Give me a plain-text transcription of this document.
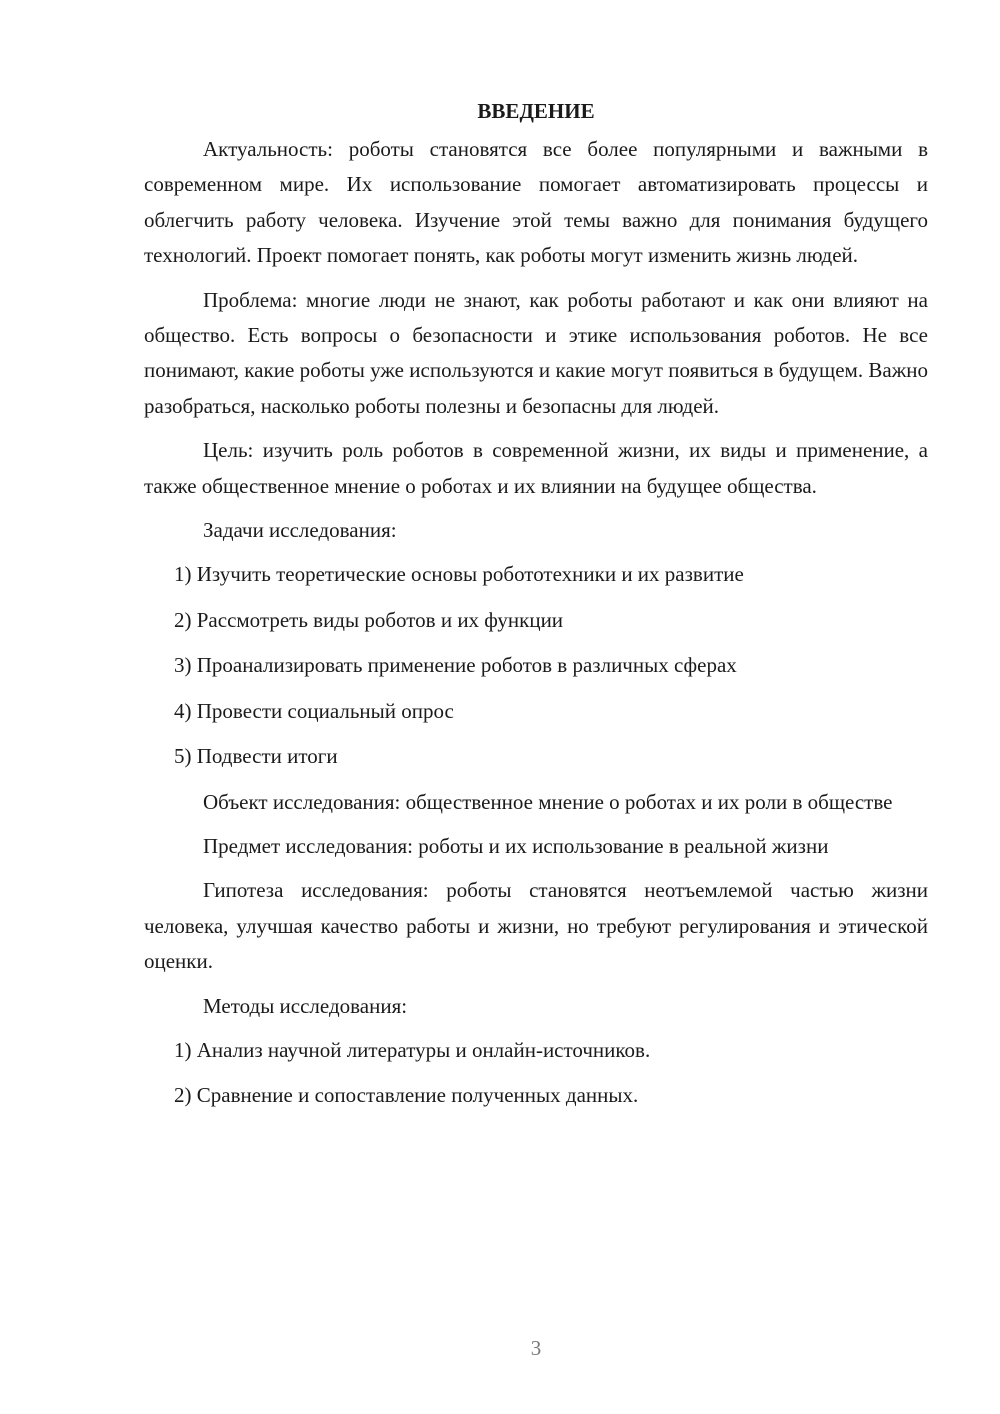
ВВЕДЕНИЕ

Актуальность: роботы становятся все более популярными и важными в современном мире. Их использование помогает автоматизировать процессы и облегчить работу человека. Изучение этой темы важно для понимания будущего технологий. Проект помогает понять, как роботы могут изменить жизнь людей.

Проблема: многие люди не знают, как роботы работают и как они влияют на общество. Есть вопросы о безопасности и этике использования роботов. Не все понимают, какие роботы уже используются и какие могут появиться в будущем. Важно разобраться, насколько роботы полезны и безопасны для людей.

Цель: изучить роль роботов в современной жизни, их виды и применение, а также общественное мнение о роботах и их влиянии на будущее общества.

Задачи исследования:

1) Изучить теоретические основы робототехники и их развитие
2) Рассмотреть виды роботов и их функции
3) Проанализировать применение роботов в различных сферах
4) Провести социальный опрос
5) Подвести итоги

Объект исследования: общественное мнение о роботах и их роли в обществе

Предмет исследования: роботы и их использование в реальной жизни

Гипотеза исследования: роботы становятся неотъемлемой частью жизни человека, улучшая качество работы и жизни, но требуют регулирования и этической оценки.

Методы исследования:

1) Анализ научной литературы и онлайн-источников.
2) Сравнение и сопоставление полученных данных.
3
